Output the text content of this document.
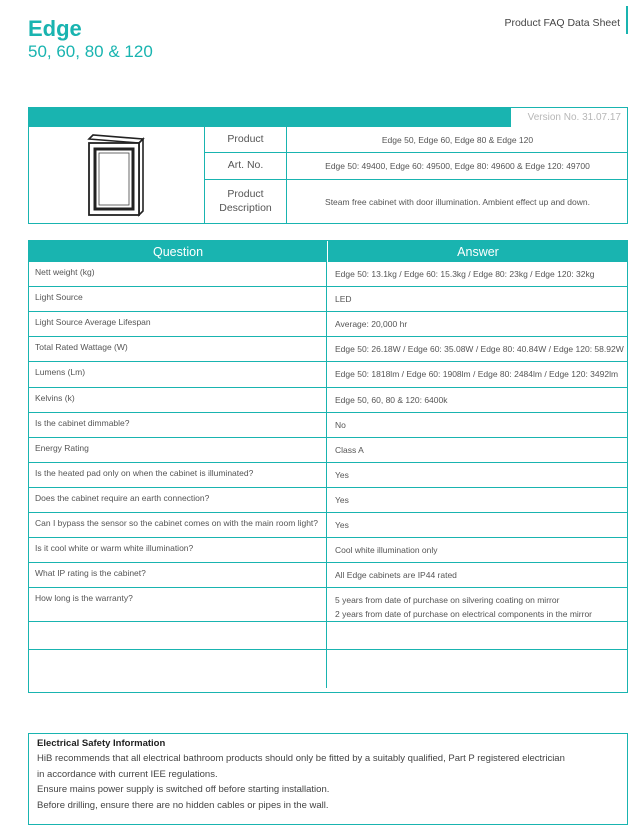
Edge
50, 60, 80 & 120
Product FAQ Data Sheet
Version No. 31.07.17
Product	Edge 50, Edge 60, Edge 80 & Edge 120
Art. No.	Edge 50: 49400, Edge 60: 49500, Edge 80: 49600 & Edge 120: 49700
Product Description	Steam free cabinet with door illumination. Ambient effect up and down.
Question	Answer
Nett weight (kg)	Edge 50: 13.1kg / Edge 60: 15.3kg / Edge 80: 23kg / Edge 120: 32kg
Light Source	LED
Light Source Average Lifespan	Average: 20,000 hr
Total Rated Wattage (W)	Edge 50: 26.18W / Edge 60: 35.08W / Edge 80: 40.84W / Edge 120: 58.92W
Lumens (Lm)	Edge 50: 1818lm / Edge 60: 1908lm / Edge 80: 2484lm / Edge 120: 3492lm
Kelvins (k)	Edge 50, 60, 80 & 120: 6400k
Is the cabinet dimmable?	No
Energy Rating	Class A
Is the heated pad only on when the cabinet is illuminated?	Yes
Does the cabinet require an earth connection?	Yes
Can I bypass the sensor so the cabinet comes on with the main room light?	Yes
Is it cool white or warm white illumination?	Cool white illumination only
What IP rating is the cabinet?	All Edge cabinets are IP44 rated
How long is the warranty?	5 years from date of purchase on silvering coating on mirror
2 years from date of purchase on electrical components in the mirror
Electrical Safety Information

HiB recommends that all electrical bathroom products should only be fitted by a suitably qualified, Part P registered electrician
in accordance with current IEE regulations.
Ensure mains power supply is switched off before starting installation.
Before drilling, ensure there are no hidden cables or pipes in the wall.
